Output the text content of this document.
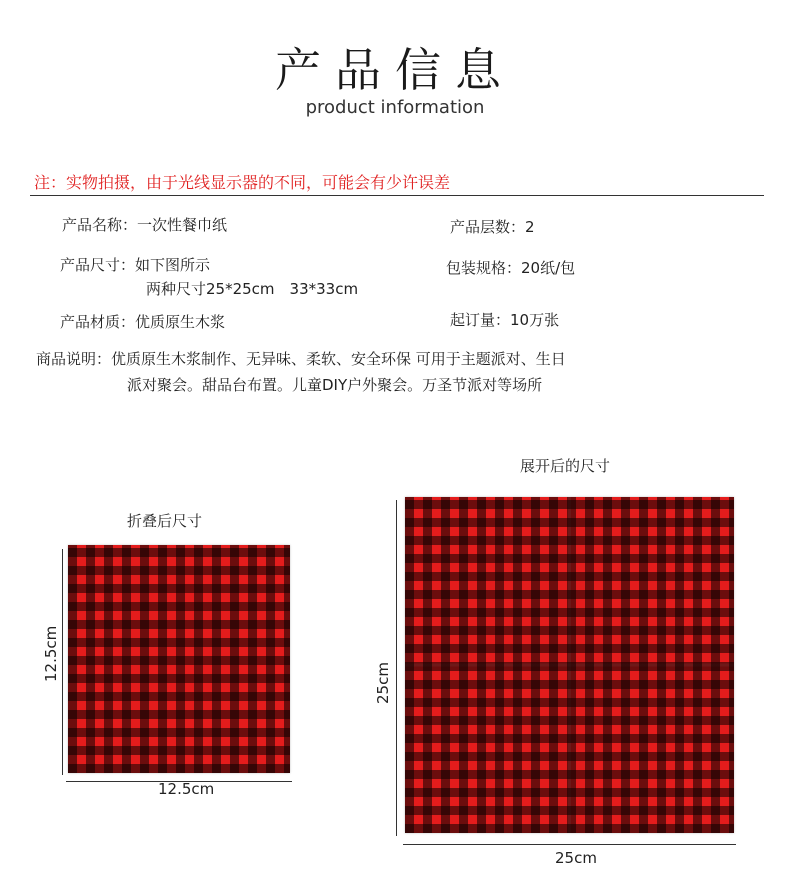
产品信息
product information
注：实物拍摄，由于光线显示器的不同，可能会有少许误差
产品名称：一次性餐巾纸	产品层数：2
产品尺寸：如下图所示
两种尺寸25*25cm　33*33cm
包装规格：20纸/包
产品材质：优质原生木浆	起订量：10万张
商品说明：优质原生木浆制作、无异味、柔软、安全环保 可用于主题派对、生日
派对聚会。甜品台布置。儿童DIY户外聚会。万圣节派对等场所
折叠后尺寸
12.5cm
12.5cm
展开后的尺寸
25cm
25cm
